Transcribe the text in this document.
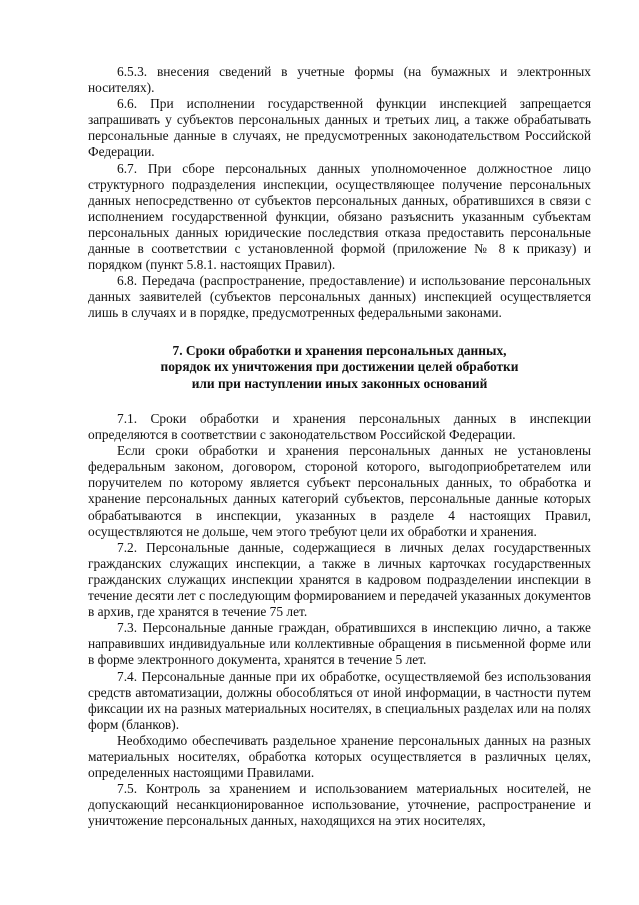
6.5.3. внесения сведений в учетные формы (на бумажных и электронных носителях).

6.6. При исполнении государственной функции инспекцией запрещается запрашивать у субъектов персональных данных и третьих лиц, а также обрабатывать персональные данные в случаях, не предусмотренных законодательством Российской Федерации.

6.7. При сборе персональных данных уполномоченное должностное лицо структурного подразделения инспекции, осуществляющее получение персональных данных непосредственно от субъектов персональных данных, обратившихся в связи с исполнением государственной функции, обязано разъяснить указанным субъектам персональных данных юридические последствия отказа предоставить персональные данные в соответствии с установленной формой (приложение № 8 к приказу) и порядком (пункт 5.8.1. настоящих Правил).

6.8. Передача (распространение, предоставление) и использование персональных данных заявителей (субъектов персональных данных) инспекцией осуществляется лишь в случаях и в порядке, предусмотренных федеральными законами.

7. Сроки обработки и хранения персональных данных,
порядок их уничтожения при достижении целей обработки
или при наступлении иных законных оснований

7.1. Сроки обработки и хранения персональных данных в инспекции определяются в соответствии с законодательством Российской Федерации.

Если сроки обработки и хранения персональных данных не установлены федеральным законом, договором, стороной которого, выгодоприобретателем или поручителем по которому является субъект персональных данных, то обработка и хранение персональных данных категорий субъектов, персональные данные которых обрабатываются в инспекции, указанных в разделе 4 настоящих Правил, осуществляются не дольше, чем этого требуют цели их обработки и хранения.

7.2. Персональные данные, содержащиеся в личных делах государственных гражданских служащих инспекции, а также в личных карточках государственных гражданских служащих инспекции хранятся в кадровом подразделении инспекции в течение десяти лет с последующим формированием и передачей указанных документов в архив, где хранятся в течение 75 лет.

7.3. Персональные данные граждан, обратившихся в инспекцию лично, а также направивших индивидуальные или коллективные обращения в письменной форме или в форме электронного документа, хранятся в течение 5 лет.

7.4. Персональные данные при их обработке, осуществляемой без использования средств автоматизации, должны обособляться от иной информации, в частности путем фиксации их на разных материальных носителях, в специальных разделах или на полях форм (бланков).

Необходимо обеспечивать раздельное хранение персональных данных на разных материальных носителях, обработка которых осуществляется в различных целях, определенных настоящими Правилами.

7.5. Контроль за хранением и использованием материальных носителей, не допускающий несанкционированное использование, уточнение, распространение и уничтожение персональных данных, находящихся на этих носителях,
